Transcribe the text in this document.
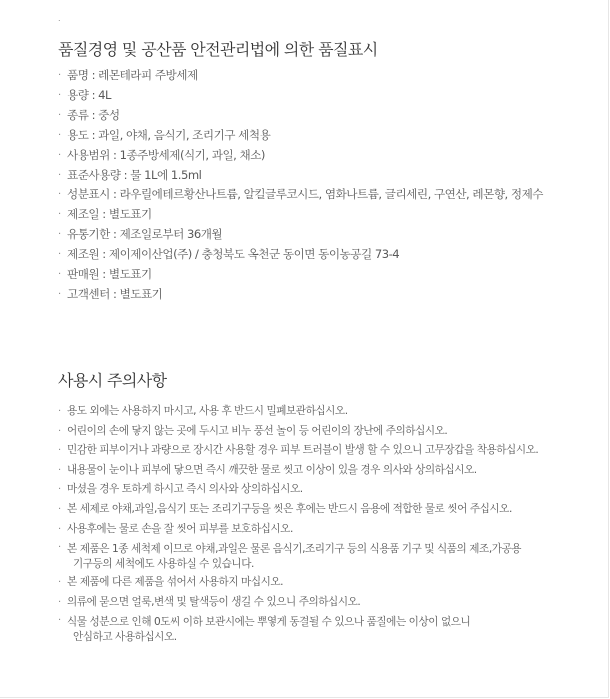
.
품질경영 및 공산품 안전관리법에 의한 품질표시
· 품명 : 레몬테라피 주방세제
· 용량 : 4L
· 종류 : 중성
· 용도 : 과일, 야채, 음식기, 조리기구 세척용
· 사용범위 : 1종주방세제(식기, 과일, 채소)
· 표준사용량 : 물 1L에 1.5ml
· 성분표시 : 라우릴에테르황산나트륨, 알킬글루코시드, 염화나트륨, 글리세린, 구연산, 레몬향, 정제수
· 제조일 : 별도표기
· 유통기한 : 제조일로부터 36개월
· 제조원 : 제이제이산업(주) / 충청북도 옥천군 동이면 동이농공길 73-4
· 판매원 : 별도표기
· 고객센터 : 별도표기
사용시 주의사항
· 용도 외에는 사용하지 마시고, 사용 후 반드시 밀폐보관하십시오.
· 어린이의 손에 닿지 않는 곳에 두시고 비누 풍선 놀이 등 어린이의 장난에 주의하십시오.
· 민감한 피부이거나 과량으로 장시간 사용할 경우 피부 트러블이 발생 할 수 있으니 고무장갑을 착용하십시오.
· 내용물이 눈이나 피부에 닿으면 즉시 깨끗한 물로 씻고 이상이 있을 경우 의사와 상의하십시오.
· 마셨을 경우 토하게 하시고 즉시 의사와 상의하십시오.
· 본 세제로 야채,과일,음식기 또는 조리기구등을 씻은 후에는 반드시 음용에 적합한 물로 씻어 주십시오.
· 사용후에는 물로 손을 잘 씻어 피부를 보호하십시오.
· 본 제품은 1종 세척제 이므로 야채,과일은 물론 음식기,조리기구 등의 식용품 기구 및 식품의 제조,가공용
기구등의 세척에도 사용하실 수 있습니다.
· 본 제품에 다른 제품을 섞어서 사용하지 마십시오.
· 의류에 묻으면 얼룩,변색 및 탈색등이 생길 수 있으니 주의하십시오.
· 식물 성분으로 인해 0도씨 이하 보관시에는 뿌옇게 동결될 수 있으나 품질에는 이상이 없으니
안심하고 사용하십시오.
